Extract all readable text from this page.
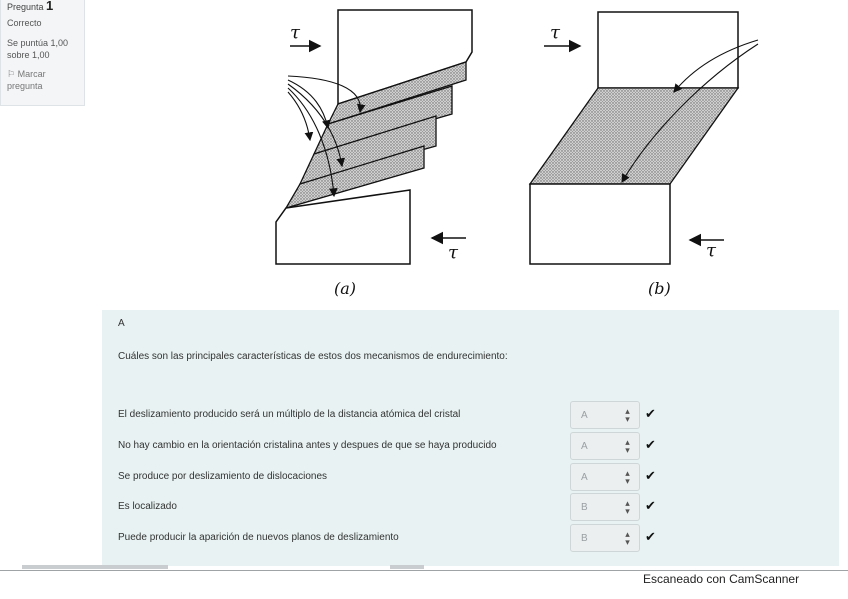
Pregunta 1
Correcto
Se puntúa 1,00 sobre 1,00
⚐ Marcar pregunta
τ
τ
τ
τ
(a)	(b)
A
Cuáles son las principales características de estos dos mecanismos de endurecimiento:
El deslizamiento producido será un múltiplo de la distancia atómica del cristal	A	▴
▾ ✔
No hay cambio en la orientación cristalina antes y despues de que se haya producido	A	▴
▾ ✔
Se produce por deslizamiento de dislocaciones	A	▴
▾ ✔
Es localizado	B	▴
▾ ✔
Puede producir la aparición de nuevos planos de deslizamiento	B	▴
▾ ✔
Escaneado con CamScanner
